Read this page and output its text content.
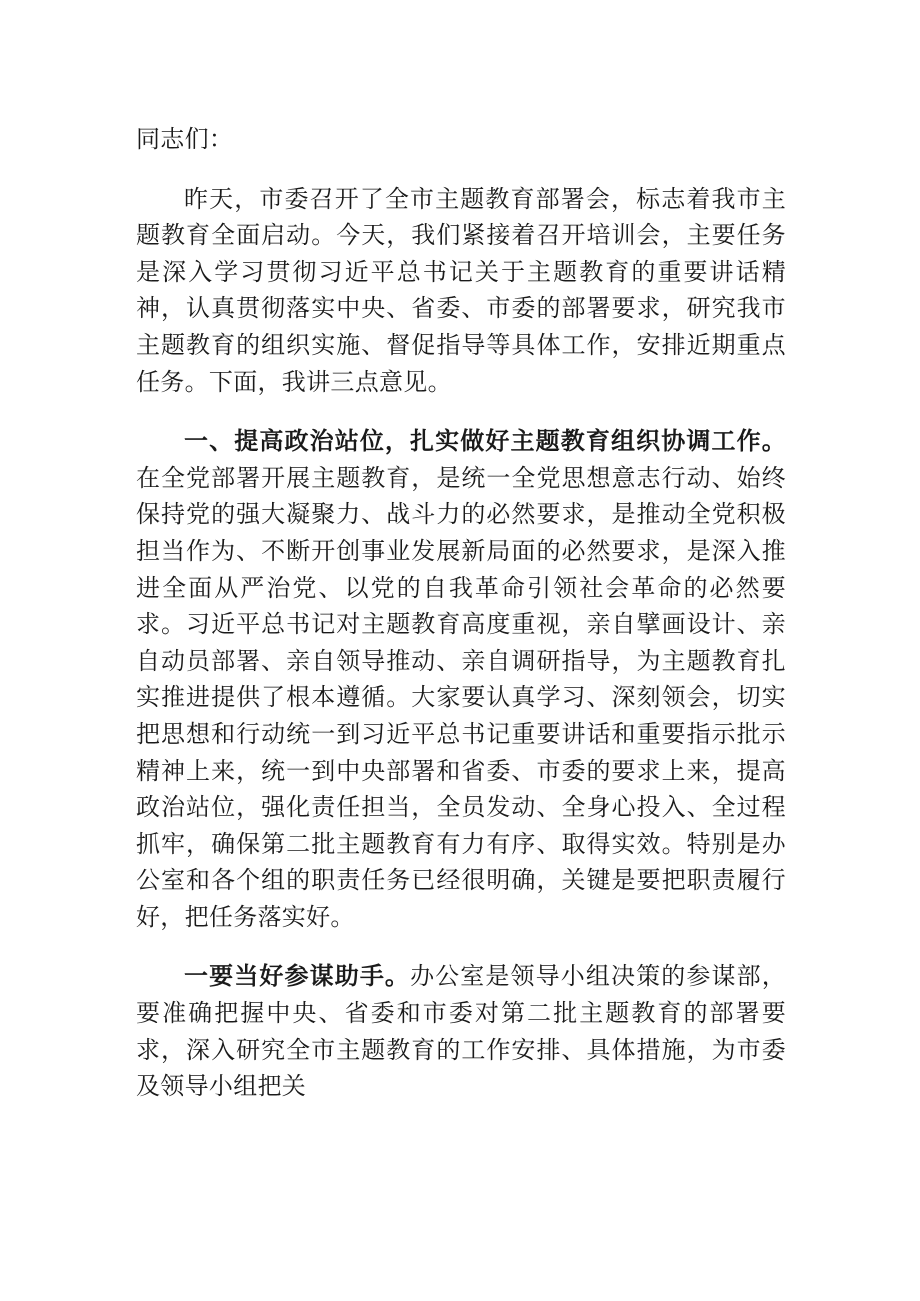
同志们：

昨天，市委召开了全市主题教育部署会，标志着我市主题教育全面启动。今天，我们紧接着召开培训会，主要任务是深入学习贯彻习近平总书记关于主题教育的重要讲话精神，认真贯彻落实中央、省委、市委的部署要求，研究我市主题教育的组织实施、督促指导等具体工作，安排近期重点任务。下面，我讲三点意见。

一、提高政治站位，扎实做好主题教育组织协调工作。在全党部署开展主题教育，是统一全党思想意志行动、始终保持党的强大凝聚力、战斗力的必然要求，是推动全党积极担当作为、不断开创事业发展新局面的必然要求，是深入推进全面从严治党、以党的自我革命引领社会革命的必然要求。习近平总书记对主题教育高度重视，亲自擘画设计、亲自动员部署、亲自领导推动、亲自调研指导，为主题教育扎实推进提供了根本遵循。大家要认真学习、深刻领会，切实把思想和行动统一到习近平总书记重要讲话和重要指示批示精神上来，统一到中央部署和省委、市委的要求上来，提高政治站位，强化责任担当，全员发动、全身心投入、全过程抓牢，确保第二批主题教育有力有序、取得实效。特别是办公室和各个组的职责任务已经很明确，关键是要把职责履行好，把任务落实好。

一要当好参谋助手。办公室是领导小组决策的参谋部，要准确把握中央、省委和市委对第二批主题教育的部署要求，深入研究全市主题教育的工作安排、具体措施，为市委及领导小组把关
